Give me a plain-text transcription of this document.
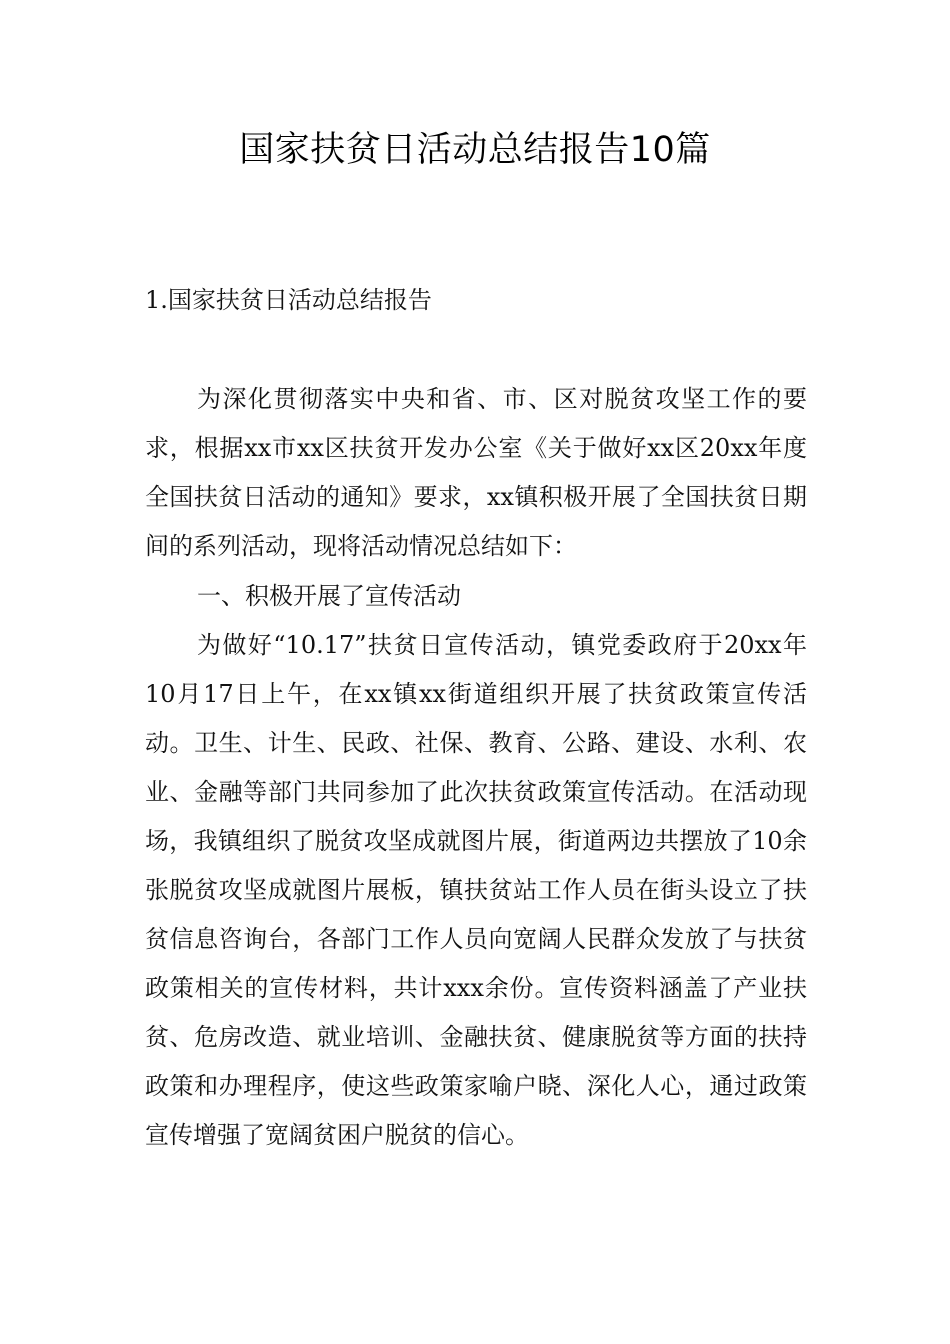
国家扶贫日活动总结报告10篇
1.国家扶贫日活动总结报告

为深化贯彻落实中央和省、市、区对脱贫攻坚工作的要求，根据xx市xx区扶贫开发办公室《关于做好xx区20xx年度全国扶贫日活动的通知》要求，xx镇积极开展了全国扶贫日期间的系列活动，现将活动情况总结如下：

一、积极开展了宣传活动

为做好“10.17”扶贫日宣传活动，镇党委政府于20xx年10月17日上午，在xx镇xx街道组织开展了扶贫政策宣传活动。卫生、计生、民政、社保、教育、公路、建设、水利、农业、金融等部门共同参加了此次扶贫政策宣传活动。在活动现场，我镇组织了脱贫攻坚成就图片展，街道两边共摆放了10余张脱贫攻坚成就图片展板，镇扶贫站工作人员在街头设立了扶贫信息咨询台，各部门工作人员向宽阔人民群众发放了与扶贫政策相关的宣传材料，共计xxx余份。宣传资料涵盖了产业扶贫、危房改造、就业培训、金融扶贫、健康脱贫等方面的扶持政策和办理程序，使这些政策家喻户晓、深化人心，通过政策宣传增强了宽阔贫困户脱贫的信心。
